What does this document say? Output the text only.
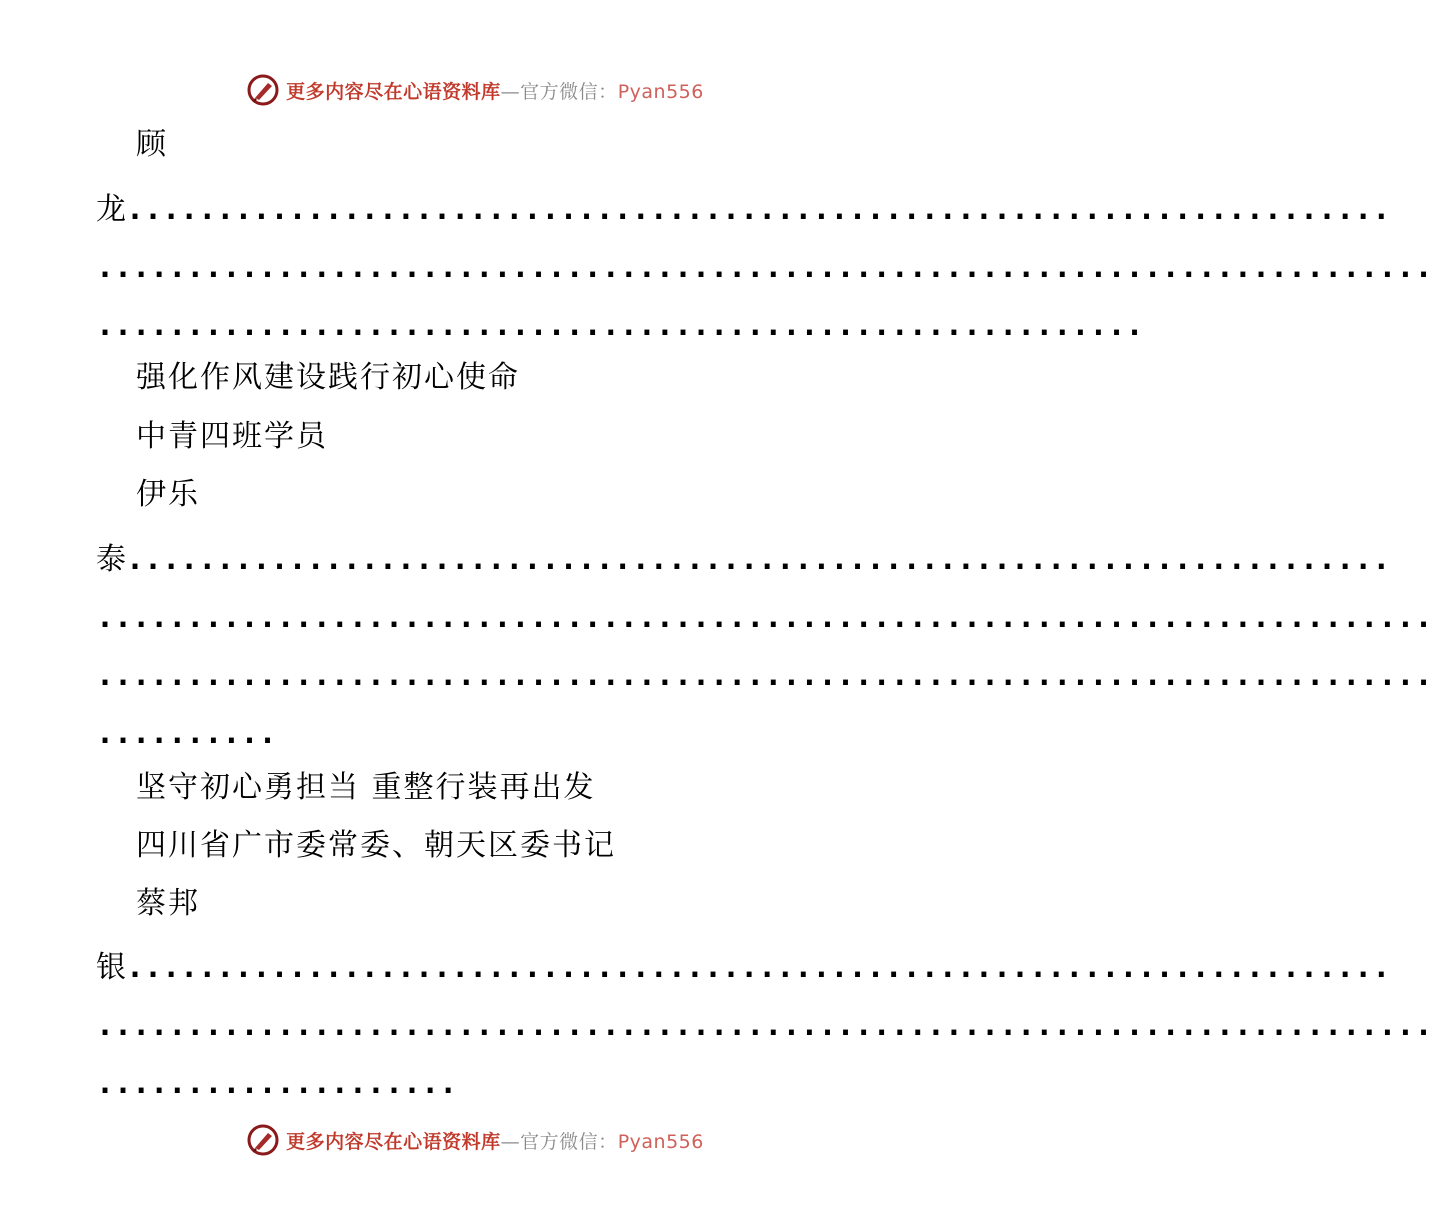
更多内容尽在心语资料库—官方微信：Pyan556
顾
龙 ......................................................................
..........................................................................
..........................................................
强化作风建设践行初心使命
中青四班学员
伊乐
泰 ......................................................................
..........................................................................
..........................................................................
..........
坚守初心勇担当 重整行装再出发
四川省广市委常委、朝天区委书记
蔡邦
银 ......................................................................
..........................................................................
....................
更多内容尽在心语资料库—官方微信：Pyan556
